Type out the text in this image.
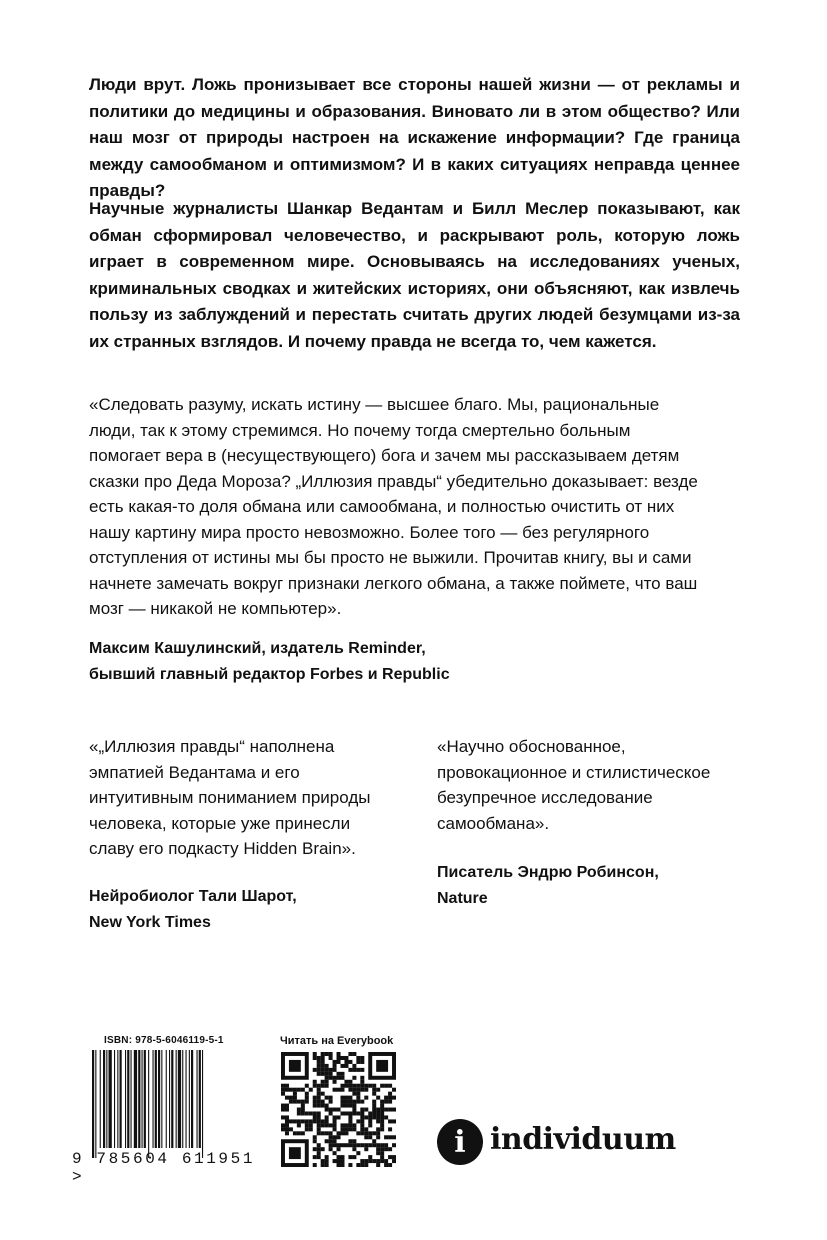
Люди врут. Ложь пронизывает все стороны нашей жизни — от рекламы и политики до медицины и образования. Виновато ли в этом общество? Или наш мозг от природы настроен на искажение информации? Где граница между самообманом и оптимизмом? И в каких ситуациях неправда ценнее правды?

Научные журналисты Шанкар Ведантам и Билл Меслер показывают, как обман сформировал человечество, и раскрывают роль, которую ложь играет в современном мире. Основываясь на исследованиях ученых, криминальных сводках и житейских историях, они объясняют, как извлечь пользу из заблуждений и перестать считать других людей безумцами из-за их странных взглядов. И почему правда не всегда то, чем кажется.

«Следовать разуму, искать истину — высшее благо. Мы, рациональные люди, так к этому стремимся. Но почему тогда смертельно больным помогает вера в (несуществующего) бога и зачем мы рассказываем детям сказки про Деда Мороза? „Иллюзия правды“ убедительно доказывает: везде есть какая-то доля обмана или самообмана, и полностью очистить от них нашу картину мира просто невозможно. Более того — без регулярного отступления от истины мы бы просто не выжили. Прочитав книгу, вы и сами начнете замечать вокруг признаки легкого обмана, а также поймете, что ваш мозг — никакой не компьютер».

Максим Кашулинский, издатель Reminder,
бывший главный редактор Forbes и Republic

«„Иллюзия правды“ наполнена эмпатией Ведантама и его интуитивным пониманием природы человека, которые уже принесли славу его подкасту Hidden Brain».

Нейробиолог Тали Шарот,
New York Times

«Научно обоснованное, провокационное и стилистическое безупречное исследование самообмана».

Писатель Эндрю Робинсон,
Nature
ISBN: 978-5-6046119-5-1
9 785604 611951 >
Читать на Everybook
i individuum
